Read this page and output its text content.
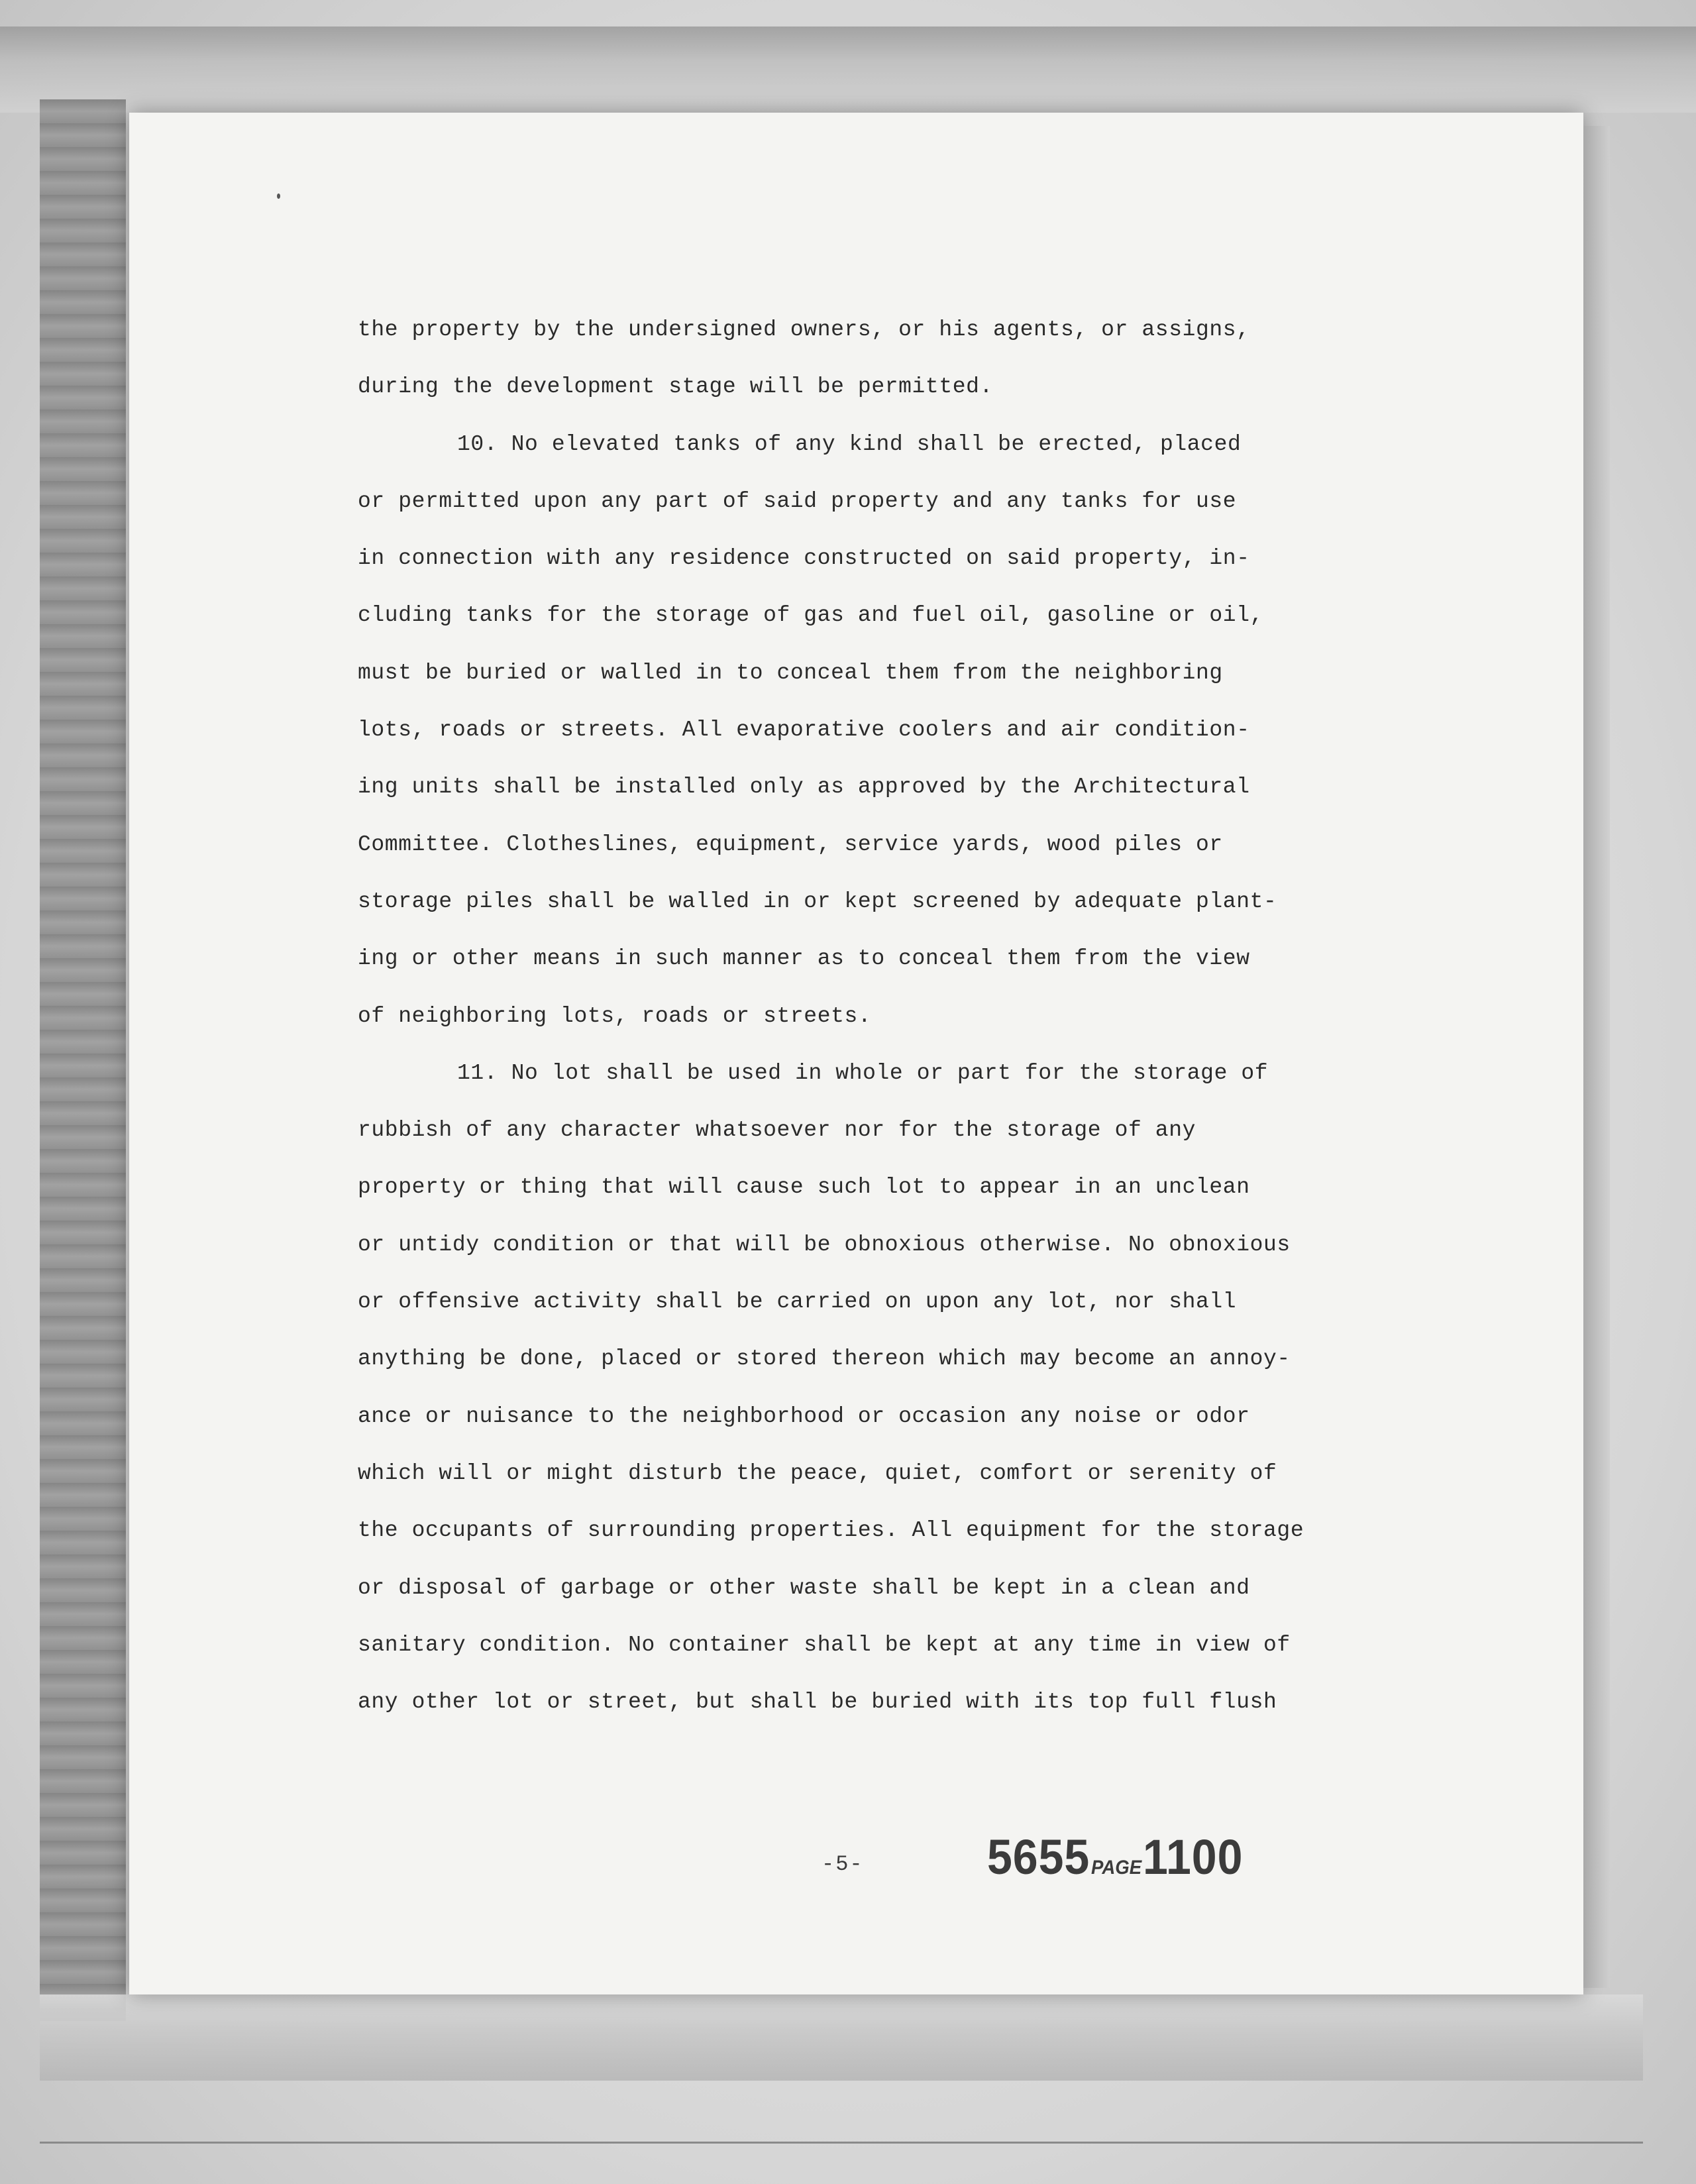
the property by the undersigned owners, or his agents, or assigns,
during the development stage will be permitted.
10. No elevated tanks of any kind shall be erected, placed
or permitted upon any part of said property and any tanks for use
in connection with any residence constructed on said property, in-
cluding tanks for the storage of gas and fuel oil, gasoline or oil,
must be buried or walled in to conceal them from the neighboring
lots, roads or streets. All evaporative coolers and air condition-
ing units shall be installed only as approved by the Architectural
Committee. Clotheslines, equipment, service yards, wood piles or
storage piles shall be walled in or kept screened by adequate plant-
ing or other means in such manner as to conceal them from the view
of neighboring lots, roads or streets.
11. No lot shall be used in whole or part for the storage of
rubbish of any character whatsoever nor for the storage of any
property or thing that will cause such lot to appear in an unclean
or untidy condition or that will be obnoxious otherwise. No obnoxious
or offensive activity shall be carried on upon any lot, nor shall
anything be done, placed or stored thereon which may become an annoy-
ance or nuisance to the neighborhood or occasion any noise or odor
which will or might disturb the peace, quiet, comfort or serenity of
the occupants of surrounding properties. All equipment for the storage
or disposal of garbage or other waste shall be kept in a clean and
sanitary condition. No container shall be kept at any time in view of
any other lot or street, but shall be buried with its top full flush
-5-	5655PAGE1100
